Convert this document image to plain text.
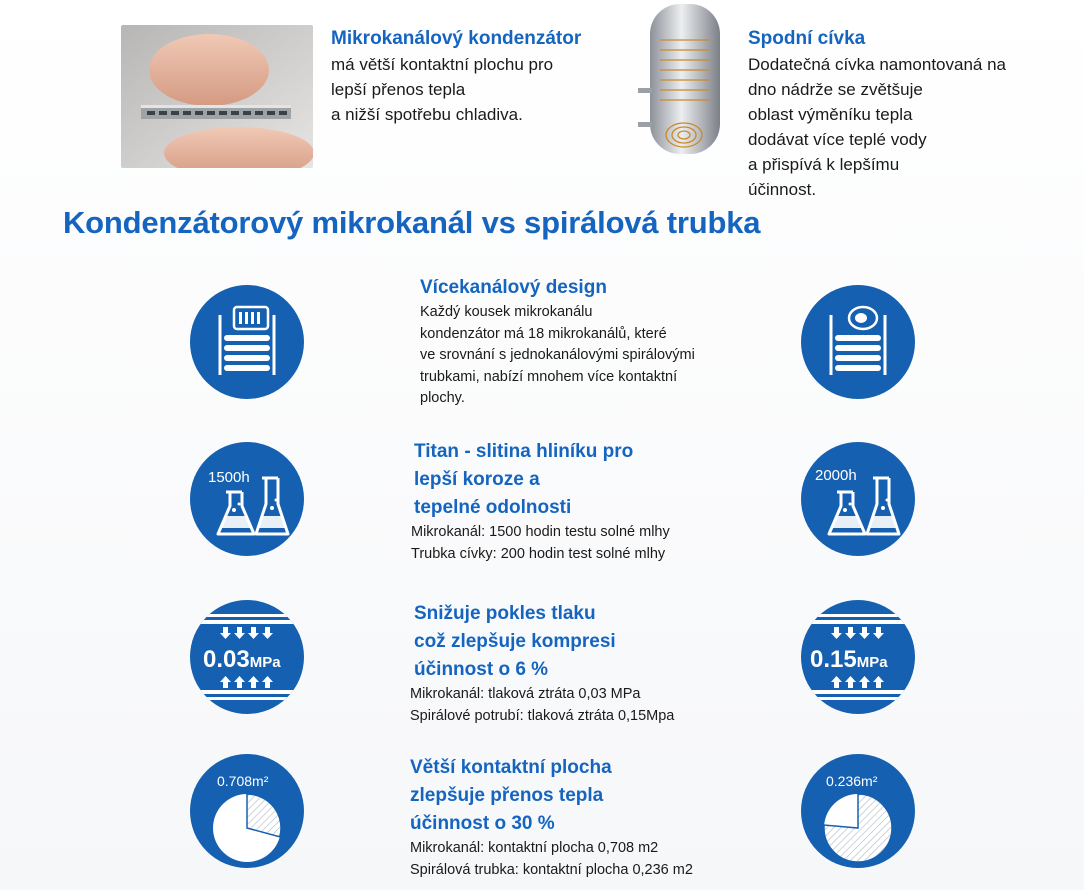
Mikrokanálový kondenzátor
má větší kontaktní plochu pro
lepší přenos tepla
a nižší spotřebu chladiva.
Spodní cívka
Dodatečná cívka namontovaná na
dno nádrže se zvětšuje
oblast výměníku tepla
dodávat více teplé vody
a přispívá k lepšímu
účinnost.
Kondenzátorový mikrokanál vs spirálová trubka
Vícekanálový design
Každý kousek mikrokanálu
kondenzátor má 18 mikrokanálů, které
ve srovnání s jednokanálovými spirálovými
trubkami, nabízí mnohem více kontaktní
plochy.
1500h
Titan - slitina hliníku pro
lepší koroze a
tepelné odolnosti
Mikrokanál: 1500 hodin testu solné mlhy
Trubka cívky: 200 hodin test solné mlhy
2000h
0.03MPa
Snižuje pokles tlaku
což zlepšuje kompresi
účinnost o 6 %
Mikrokanál: tlaková ztráta 0,03 MPa
Spirálové potrubí: tlaková ztráta 0,15Mpa
0.15MPa
0.708m²
Větší kontaktní plocha
zlepšuje přenos tepla
účinnost o 30 %
Mikrokanál: kontaktní plocha 0,708 m2
Spirálová trubka: kontaktní plocha 0,236 m2
0.236m²
